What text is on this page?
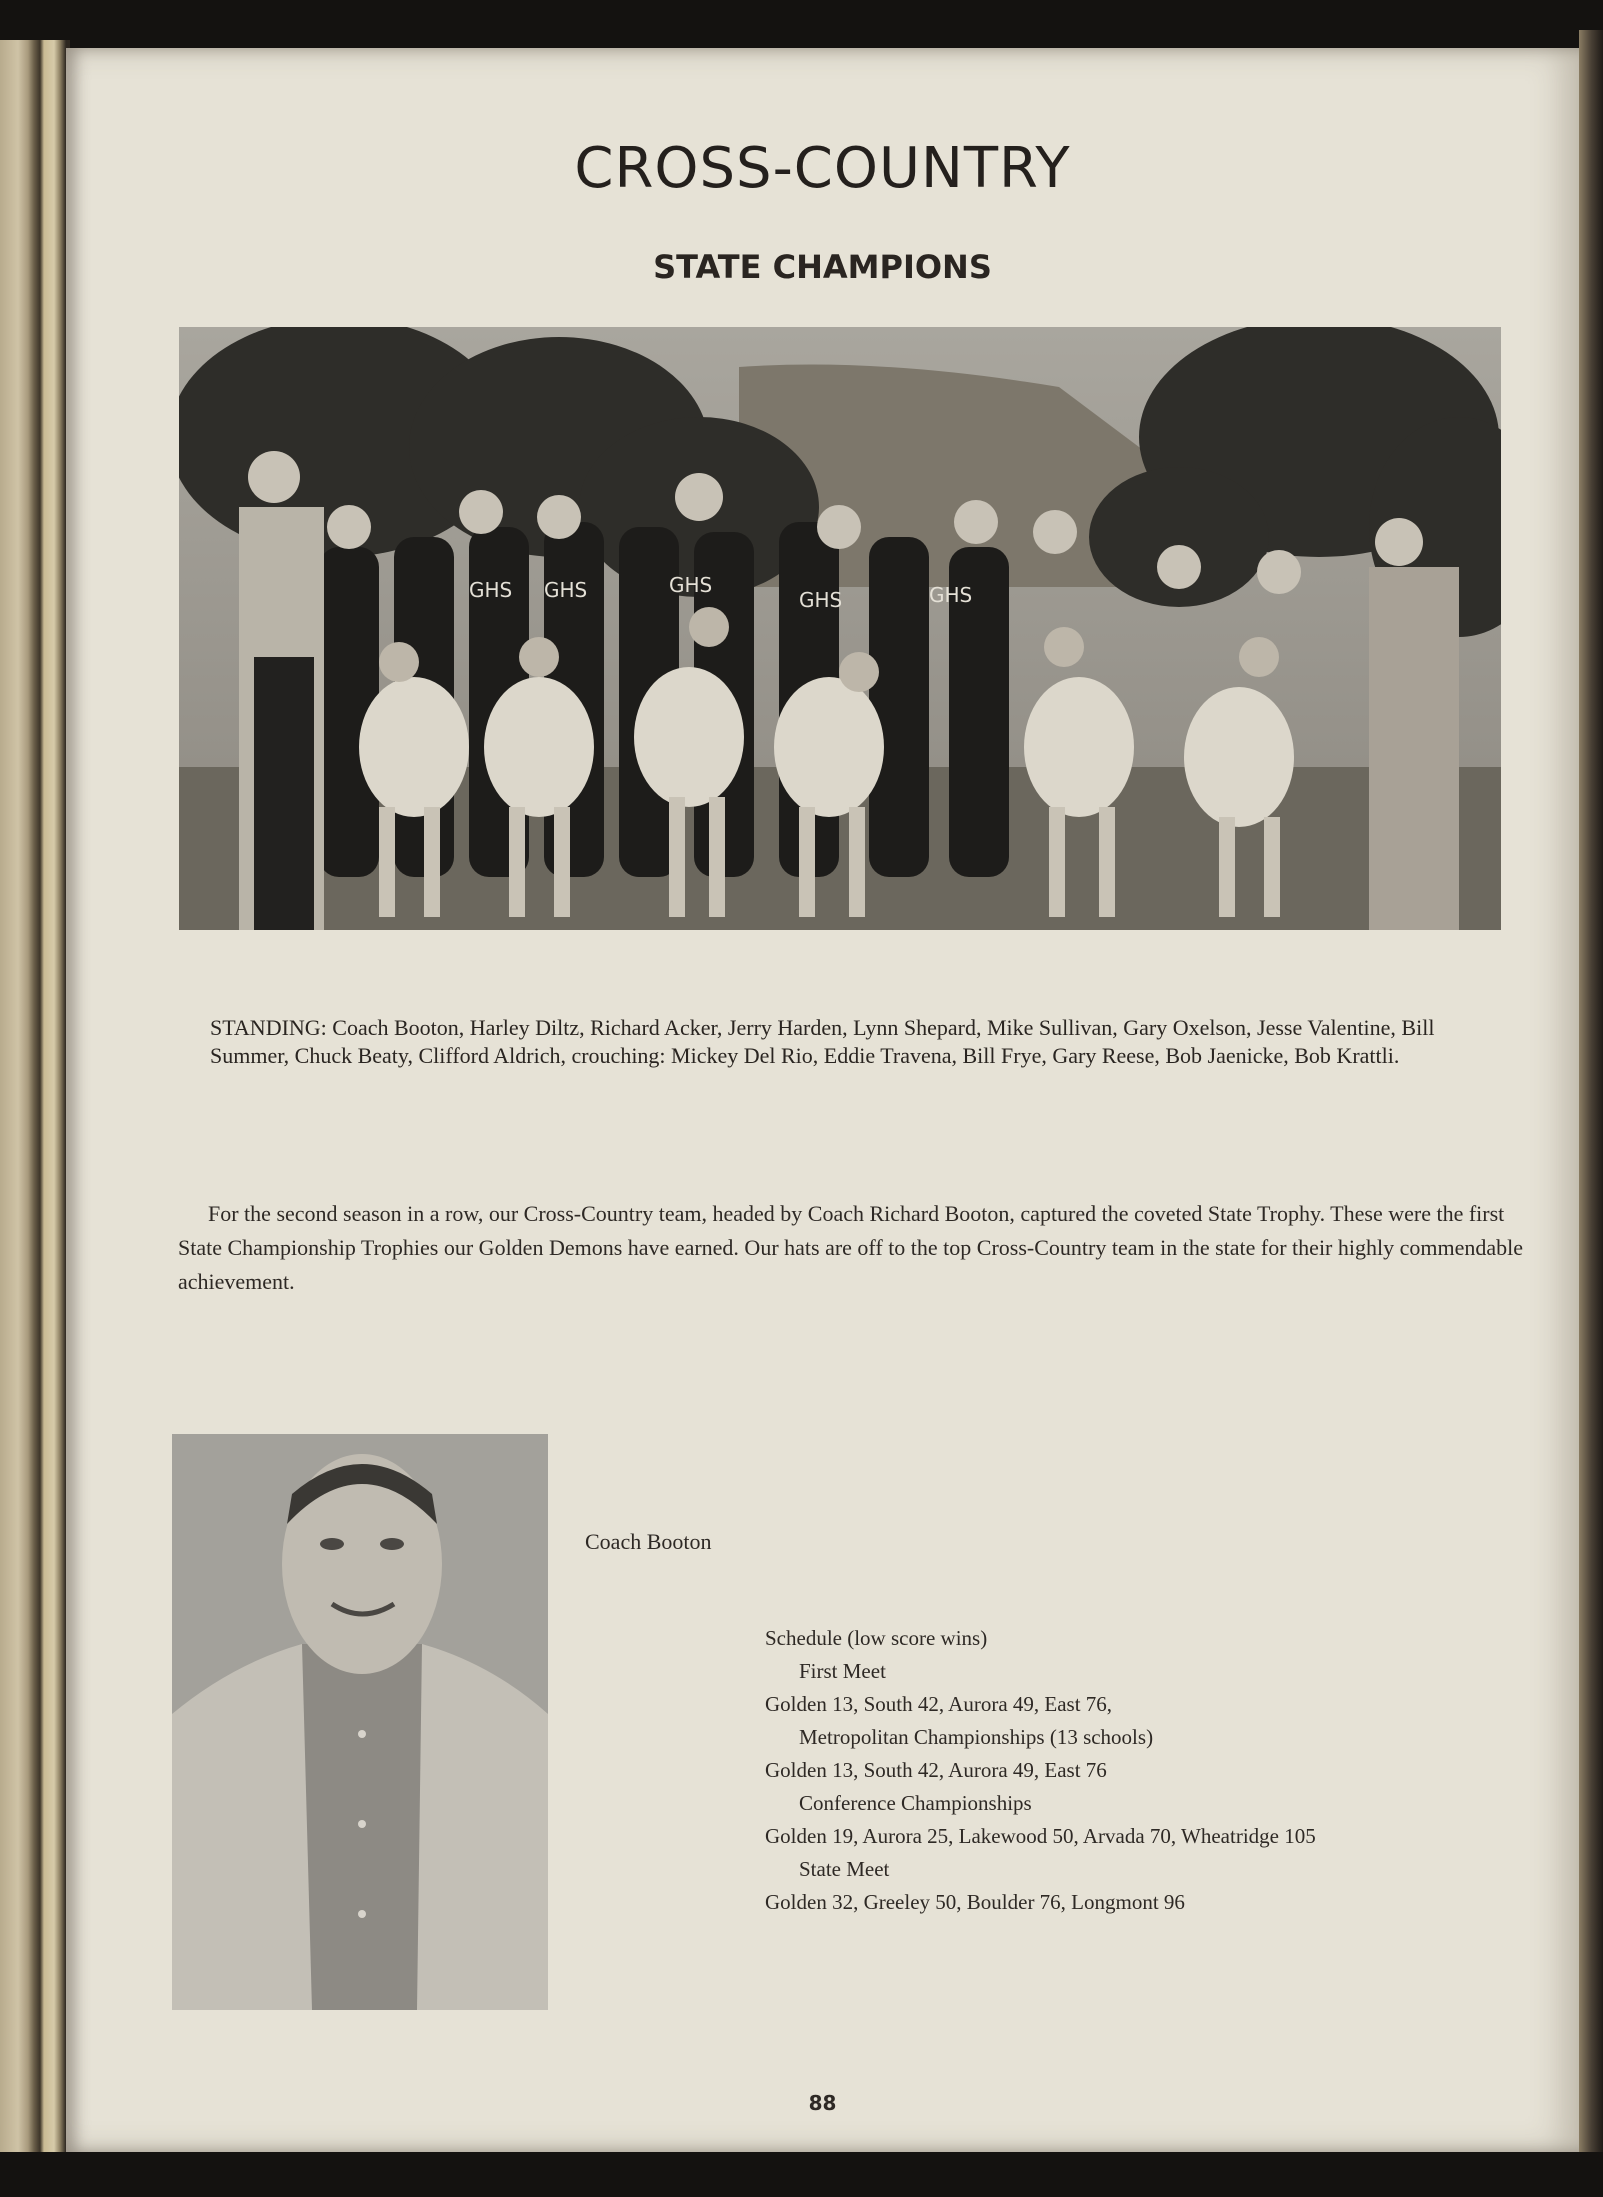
CROSS-COUNTRY
STATE CHAMPIONS
GHS GHS	GHS
GHS	GHS
STANDING: Coach Booton, Harley Diltz, Richard Acker, Jerry Harden, Lynn Shepard, Mike Sullivan, Gary Oxelson, Jesse Valentine, Bill Summer, Chuck Beaty, Clifford Aldrich, crouching: Mickey Del Rio, Eddie Travena, Bill Frye, Gary Reese, Bob Jaenicke, Bob Krattli.

For the second season in a row, our Cross-Country team, headed by Coach Richard Booton, captured the coveted State Trophy. These were the first State Championship Trophies our Golden Demons have earned. Our hats are off to the top Cross-Country team in the state for their highly commendable achievement.

Coach Booton
Schedule (low score wins)
First Meet
Golden 13, South 42, Aurora 49, East 76,
Metropolitan Championships (13 schools)
Golden 13, South 42, Aurora 49, East 76
Conference Championships
Golden 19, Aurora 25, Lakewood 50, Arvada 70, Wheatridge 105
State Meet
Golden 32, Greeley 50, Boulder 76, Longmont 96
88
